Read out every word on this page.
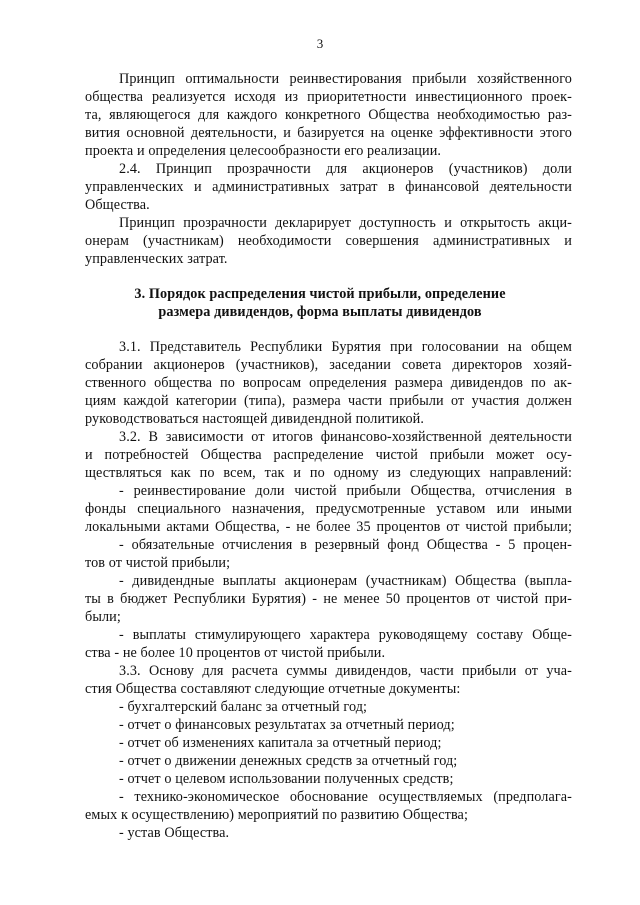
3
Принцип оптимальности реинвестирования прибыли хозяйственного
общества реализуется исходя из приоритетности инвестиционного проек-
та, являющегося для каждого конкретного Общества необходимостью раз-
вития основной деятельности, и базируется на оценке эффективности этого
проекта и определения целесообразности его реализации.
2.4. Принцип прозрачности для акционеров (участников) доли
управленческих и административных затрат в финансовой деятельности
Общества.
Принцип прозрачности декларирует доступность и открытость акци-
онерам (участникам) необходимости совершения административных и
управленческих затрат.
3. Порядок распределения чистой прибыли, определение
размера дивидендов, форма выплаты дивидендов
3.1. Представитель Республики Бурятия при голосовании на общем
собрании акционеров (участников), заседании совета директоров хозяй-
ственного общества по вопросам определения размера дивидендов по ак-
циям каждой категории (типа), размера части прибыли от участия должен
руководствоваться настоящей дивидендной политикой.
3.2. В зависимости от итогов финансово-хозяйственной деятельности
и потребностей Общества распределение чистой прибыли может осу-
ществляться как по всем, так и по одному из следующих направлений:
- реинвестирование доли чистой прибыли Общества, отчисления в
фонды специального назначения, предусмотренные уставом или иными
локальными актами Общества, - не более 35 процентов от чистой прибыли;
- обязательные отчисления в резервный фонд Общества - 5 процен-
тов от чистой прибыли;
- дивидендные выплаты акционерам (участникам) Общества (выпла-
ты в бюджет Республики Бурятия) - не менее 50 процентов от чистой при-
были;
- выплаты стимулирующего характера руководящему составу Обще-
ства - не более 10 процентов от чистой прибыли.
3.3. Основу для расчета суммы дивидендов, части прибыли от уча-
стия Общества составляют следующие отчетные документы:
- бухгалтерский баланс за отчетный год;
- отчет о финансовых результатах за отчетный период;
- отчет об изменениях капитала за отчетный период;
- отчет о движении денежных средств за отчетный год;
- отчет о целевом использовании полученных средств;
- технико-экономическое обоснование осуществляемых (предполага-
емых к осуществлению) мероприятий по развитию Общества;
- устав Общества.
